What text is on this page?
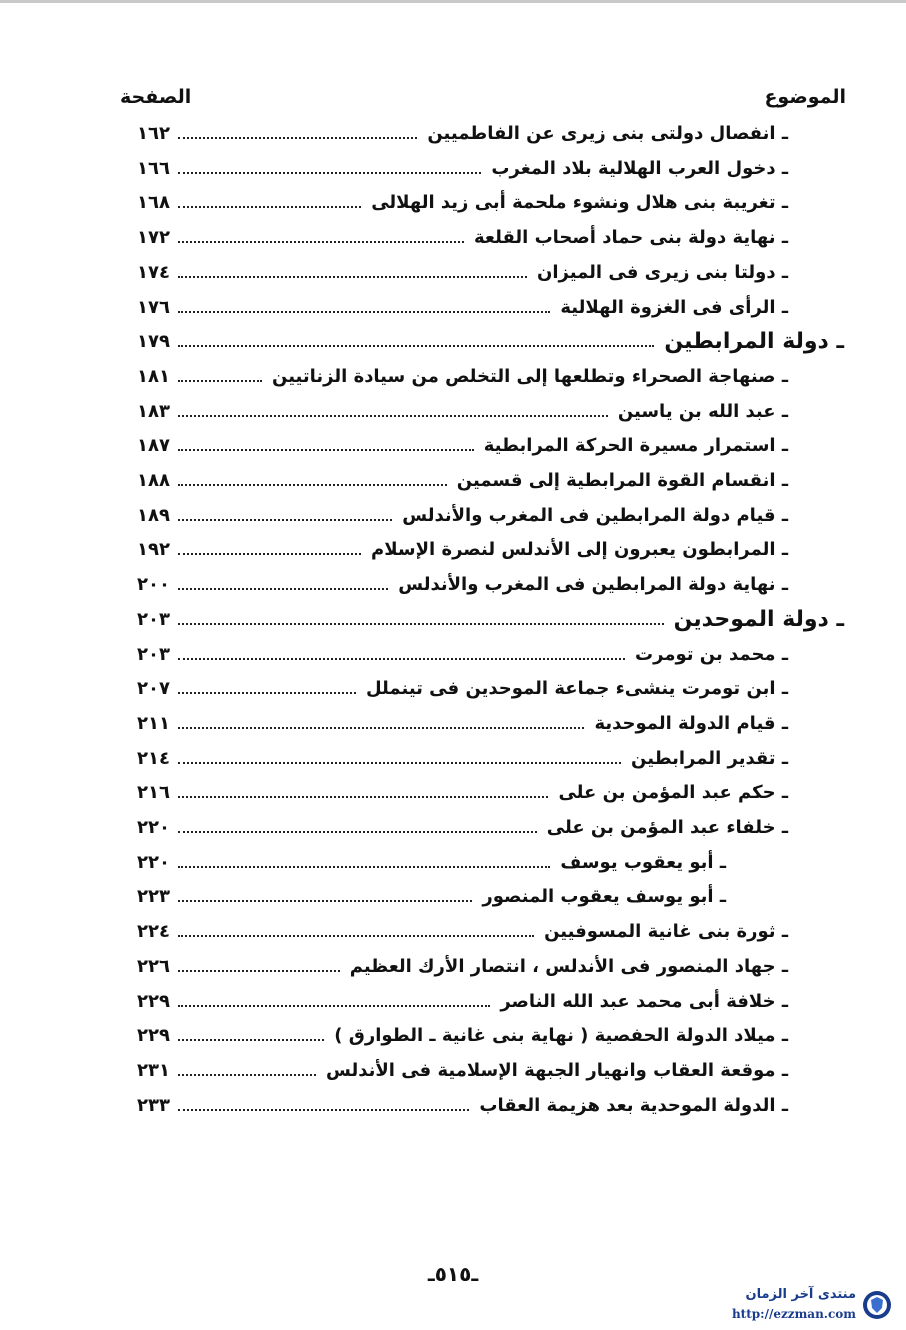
الموضوع
الصفحة
ـ انفصال دولتى بنى زيرى عن الفاطميين
١٦٢
ـ دخول العرب الهلالية بلاد المغرب
١٦٦
ـ تغريبة بنى هلال ونشوء ملحمة أبى زيد الهلالى
١٦٨
ـ نهاية دولة بنى حماد أصحاب القلعة
١٧٢
ـ دولتا بنى زيرى فى الميزان
١٧٤
ـ الرأى فى الغزوة الهلالية
١٧٦
ـ دولة المرابطين
١٧٩
ـ صنهاجة الصحراء وتطلعها إلى التخلص من سيادة الزناتيين
١٨١
ـ عبد الله بن ياسين
١٨٣
ـ استمرار مسيرة الحركة المرابطية
١٨٧
ـ انقسام القوة المرابطية إلى قسمين
١٨٨
ـ قيام دولة المرابطين فى المغرب والأندلس
١٨٩
ـ المرابطون يعبرون إلى الأندلس لنصرة الإسلام
١٩٢
ـ نهاية دولة المرابطين فى المغرب والأندلس
٢٠٠
ـ دولة الموحدين
٢٠٣
ـ محمد بن تومرت
٢٠٣
ـ ابن تومرت ينشىء جماعة الموحدين فى تينملل
٢٠٧
ـ قيام الدولة الموحدية
٢١١
ـ تقدير المرابطين
٢١٤
ـ حكم عبد المؤمن بن على
٢١٦
ـ خلفاء عبد المؤمن بن على
٢٢٠
ـ أبو يعقوب يوسف
٢٢٠
ـ أبو يوسف يعقوب المنصور
٢٢٣
ـ ثورة بنى غانية المسوفيين
٢٢٤
ـ جهاد المنصور فى الأندلس ، انتصار الأرك العظيم
٢٢٦
ـ خلافة أبى محمد عبد الله الناصر
٢٢٩
ـ ميلاد الدولة الحفصية ( نهاية بنى غانية ـ الطوارق )
٢٢٩
ـ موقعة العقاب وانهيار الجبهة الإسلامية فى الأندلس
٢٣١
ـ الدولة الموحدية بعد هزيمة العقاب
٢٣٣
ـ٥١٥ـ
منتدى آخر الزمان
http://ezzman.com
